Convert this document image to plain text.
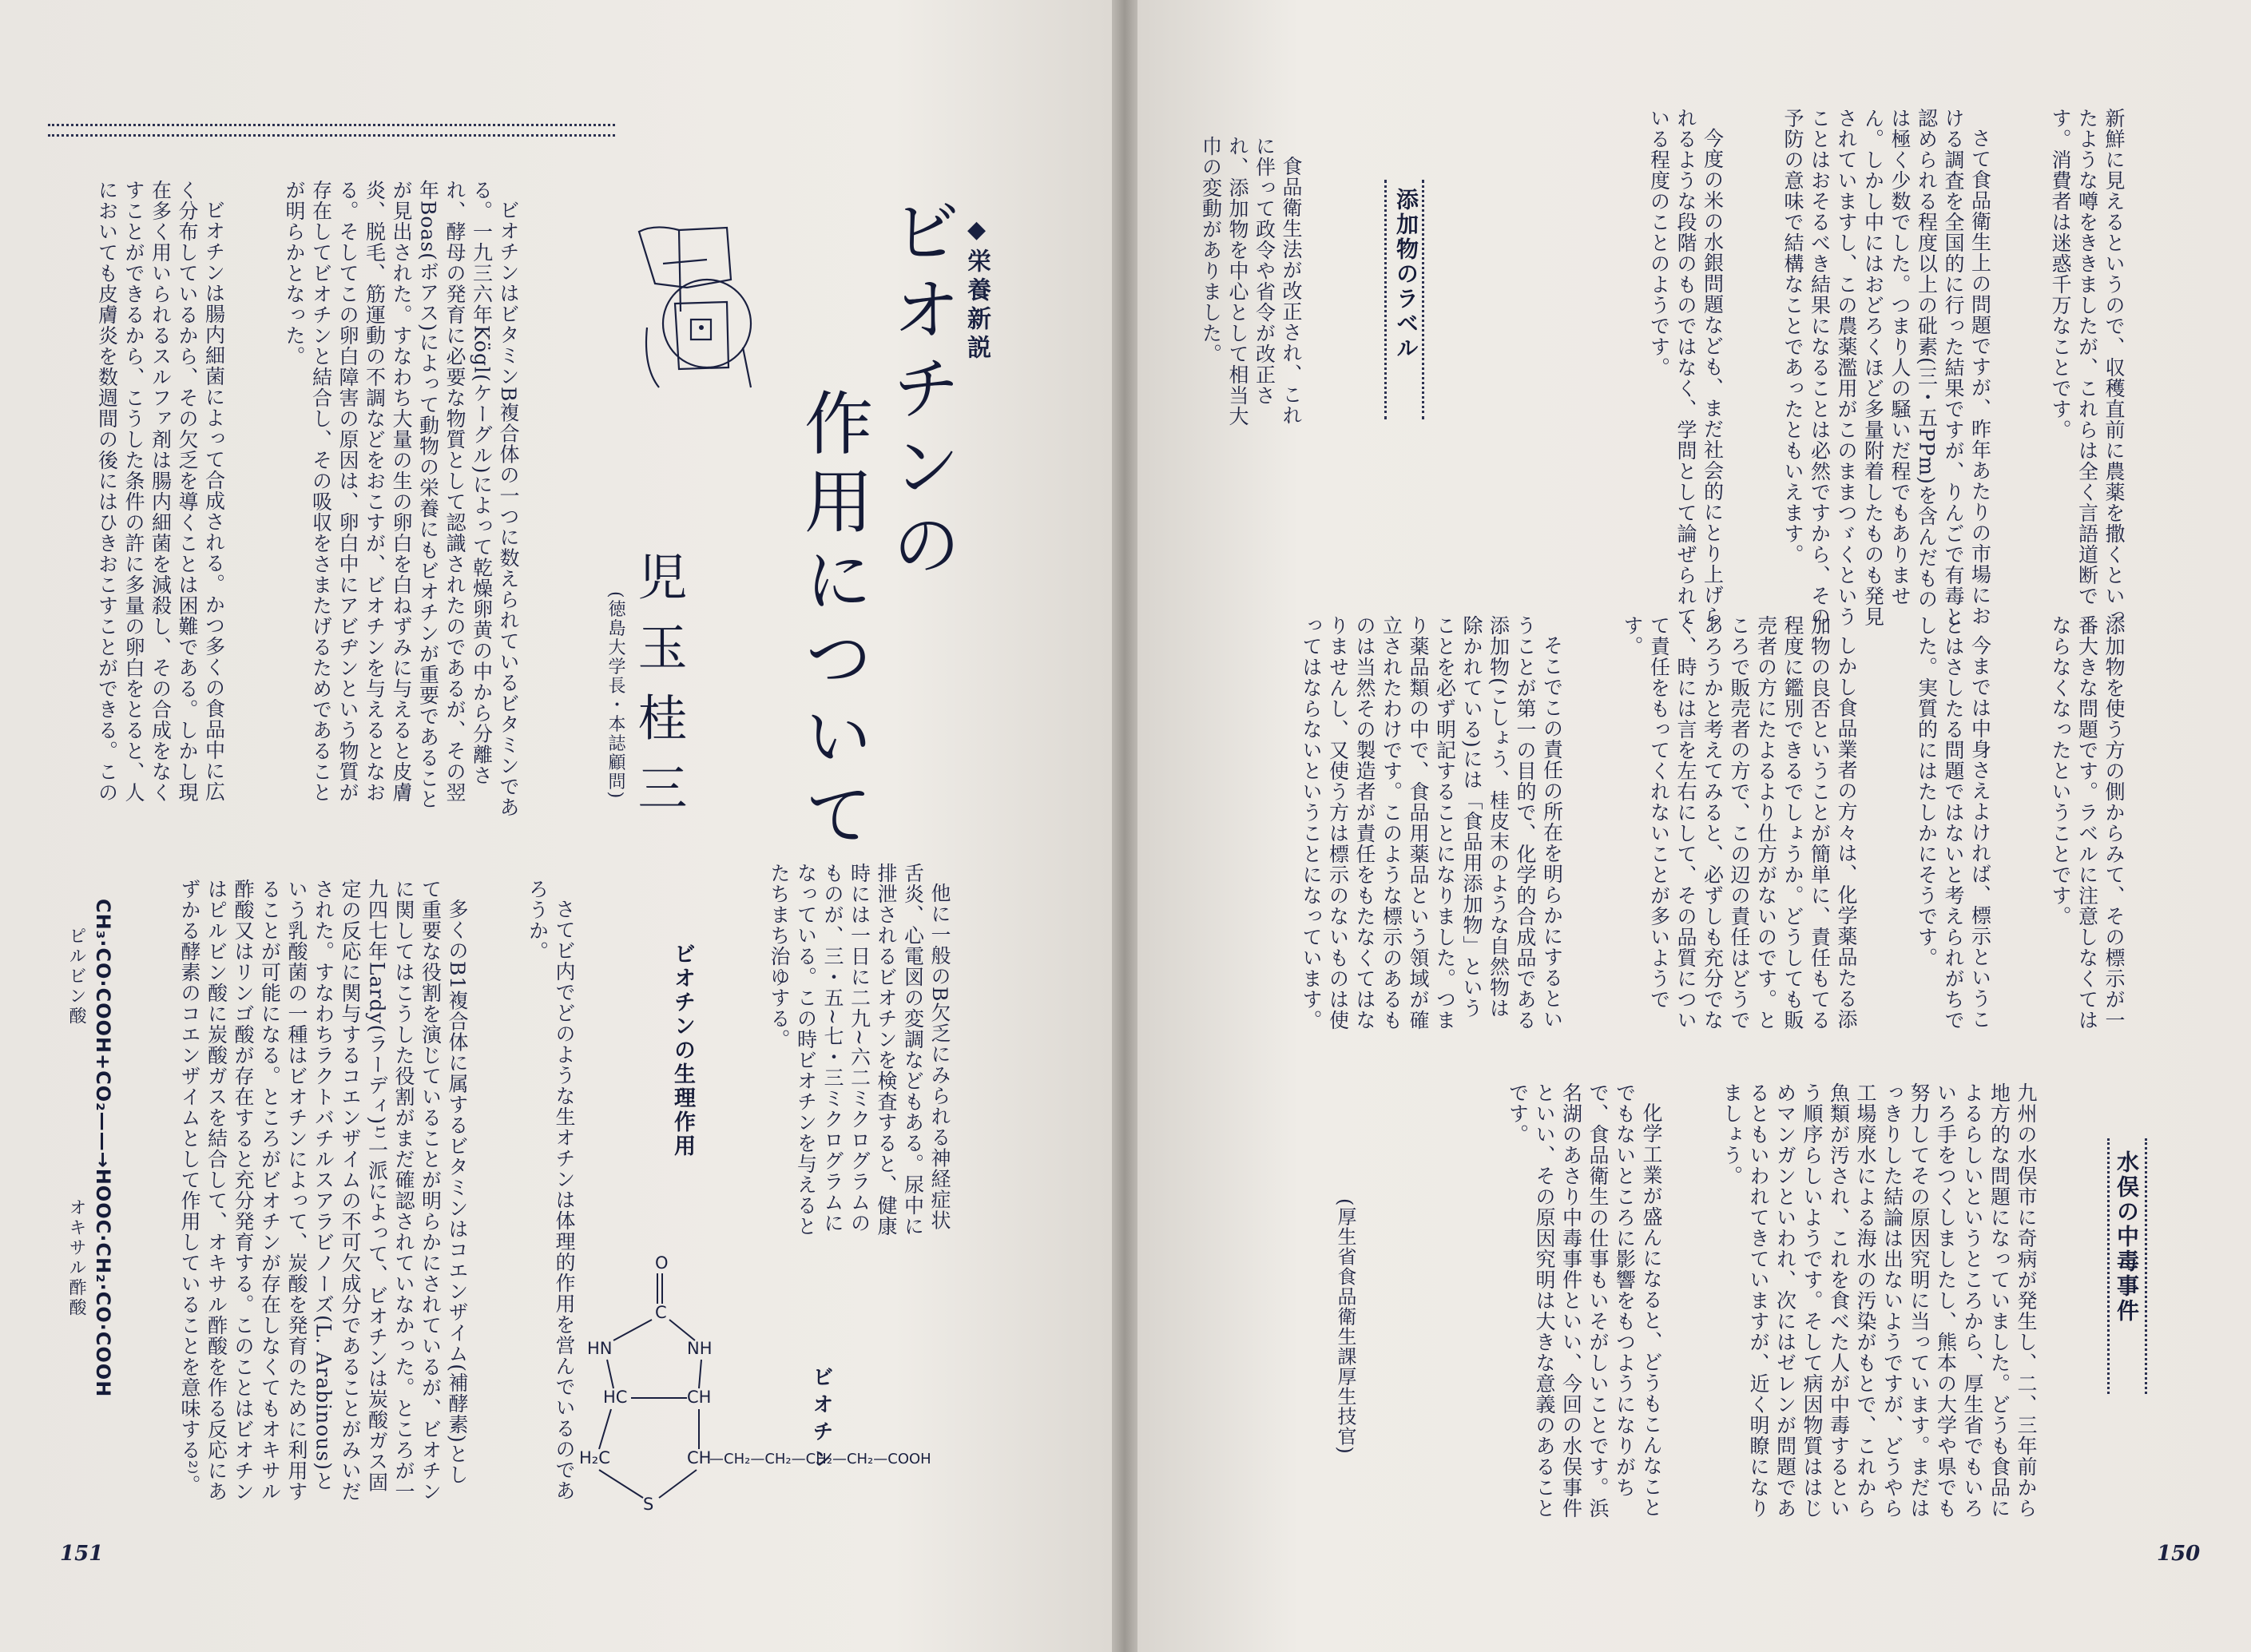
新鮮に見えるというので、収穫直前に農薬を撒くといったような噂をききましたが、これらは全く言語道断です。消費者は迷惑千万なことです。

さて食品衛生上の問題ですが、昨年あたりの市場における調査を全国的に行った結果ですが、りんごで有毒と認められる程度以上の砒素(三・五PPm)を含んだものは極く少数でした。つまり人の騒いだ程でもありません。しかし中にはおどろくほど多量附着したものも発見されていますし、この農薬濫用がこのままつゞくということはおそるべき結果になることは必然ですから、その予防の意味で結構なことであったともいえます。

今度の米の水銀問題なども、まだ社会的にとり上げられるような段階のものではなく、学問として論ぜられている程度のことのようです。

添加物のラベル

食品衛生法が改正され、これに伴って政令や省令が改正され、添加物を中心として相当大巾の変動がありました。

添加物を使う方の側からみて、その標示が一番大きな問題です。ラベルに注意しなくてはならなくなったということです。

今までは中身さえよければ、標示ということはさしたる問題ではないと考えられがちでした。実質的にはたしかにそうです。

しかし食品業者の方々は、化学薬品たる添加物の良否ということが簡単に、責任もてる程度に鑑別できるでしょうか。どうしても販売者の方にたよるより仕方がないのです。ところで販売者の方で、この辺の責任はどうであろうかと考えてみると、必ずしも充分でなく、時には言を左右にして、その品質について責任をもってくれないことが多いようです。

そこでこの責任の所在を明らかにするということが第一の目的で、化学的合成品である添加物(こしょう、桂皮末のような自然物は除かれている)には「食品用添加物」ということを必ず明記することになりました。つまり薬品類の中で、食品用薬品という領域が確立されたわけです。このような標示のあるものは当然その製造者が責任をもたなくてはなりませんし、又使う方は標示のないものは使ってはならないということになっています。

水俣の中毒事件

九州の水俣市に奇病が発生し、二、三年前から地方的な問題になっていました。どうも食品によるらしいというところから、厚生省でもいろいろ手をつくしましたし、熊本の大学や県でも努力してその原因究明に当っています。まだはっきりした結論は出ないようですが、どうやら工場廃水による海水の汚染がもとで、これから魚類が汚され、これを食べた人が中毒するという順序らしいようです。そして病因物質ははじめマンガンといわれ、次にはゼレンが問題であるともいわれてきていますが、近く明瞭になりましょう。

化学工業が盛んになると、どうもこんなことでもないところに影響をもつようになりがちで、食品衛生の仕事もいそがしいことです。浜名湖のあさり中毒事件といい、今回の水俣事件といい、その原因究明は大きな意義のあることです。

(厚生省食品衛生課厚生技官)
150
◆栄養新説
ビオチンの
作用について
児玉桂三
(徳島大学長・本誌顧問)

ビオチンはビタミンB複合体の一つに数えられているビタミンである。一九三六年Kögl(ケーグル)によって乾燥卵黄の中から分離され、酵母の発育に必要な物質として認識されたのであるが、その翌年Boas(ボアス)によって動物の栄養にもビオチンが重要であることが見出された。すなわち大量の生の卵白を白ねずみに与えると皮膚炎、脱毛、筋運動の不調などをおこすが、ビオチンを与えるとなおる。そしてこの卵白障害の原因は、卵白中にアビヂンという物質が存在してビオチンと結合し、その吸収をさまたげるためであることが明らかとなった。

ビオチンは腸内細菌によって合成される。かつ多くの食品中に広く分布しているから、その欠乏を導くことは困難である。しかし現在多く用いられるスルファ剤は腸内細菌を減殺し、その合成をなくすことができるから、こうした条件の許に多量の卵白をとると、人においても皮膚炎を数週間の後にはひきおこすことができる。この

他に一般のB欠乏にみられる神経症状舌炎、心電図の変調などもある。尿中に排泄されるビオチンを検査すると、健康時には一日に二九~六二ミクログラムのものが、三・五~七・三ミクログラムになっている。この時ビオチンを与えるとたちまち治ゆする。

ビオチンの生理作用

さてビ内でどのような生オチンは体理的作用を営んでいるのであろうか。

多くのB1複合体に属するビタミンはコエンザイム(補酵素)として重要な役割を演じていることが明らかにされているが、ビオチンに関してはこうした役割がまだ確認されていなかった。ところが一九四七年Lardy(ラーディ)¹⁾一派によって、ビオチンは炭酸ガス固定の反応に関与するコエンザイムの不可欠成分であることがみいだされた。すなわちラクトバチルスアラビノーズ(L. Arabinous)という乳酸菌の一種はビオチンによって、炭酸を発育のために利用することが可能になる。ところがビオチンが存在しなくてもオキサル酢酸又はリンゴ酸が存在すると充分発育する。このことはビオチンはピルビン酸に炭酸ガスを結合して、オキサル酢酸を作る反応にあずかる酵素のコエンザイムとして作用していることを意味する²⁾。	ビオチン
O
C
HN	NH
HC	CH
H₂C	CH
S
—CH₂—CH₂—CH₂—CH₂—COOH
CH₃·CO·COOH+CO₂——→HOOC·CH₂·CO·COOH
ピルビン酸
オキサル酢酸
151
